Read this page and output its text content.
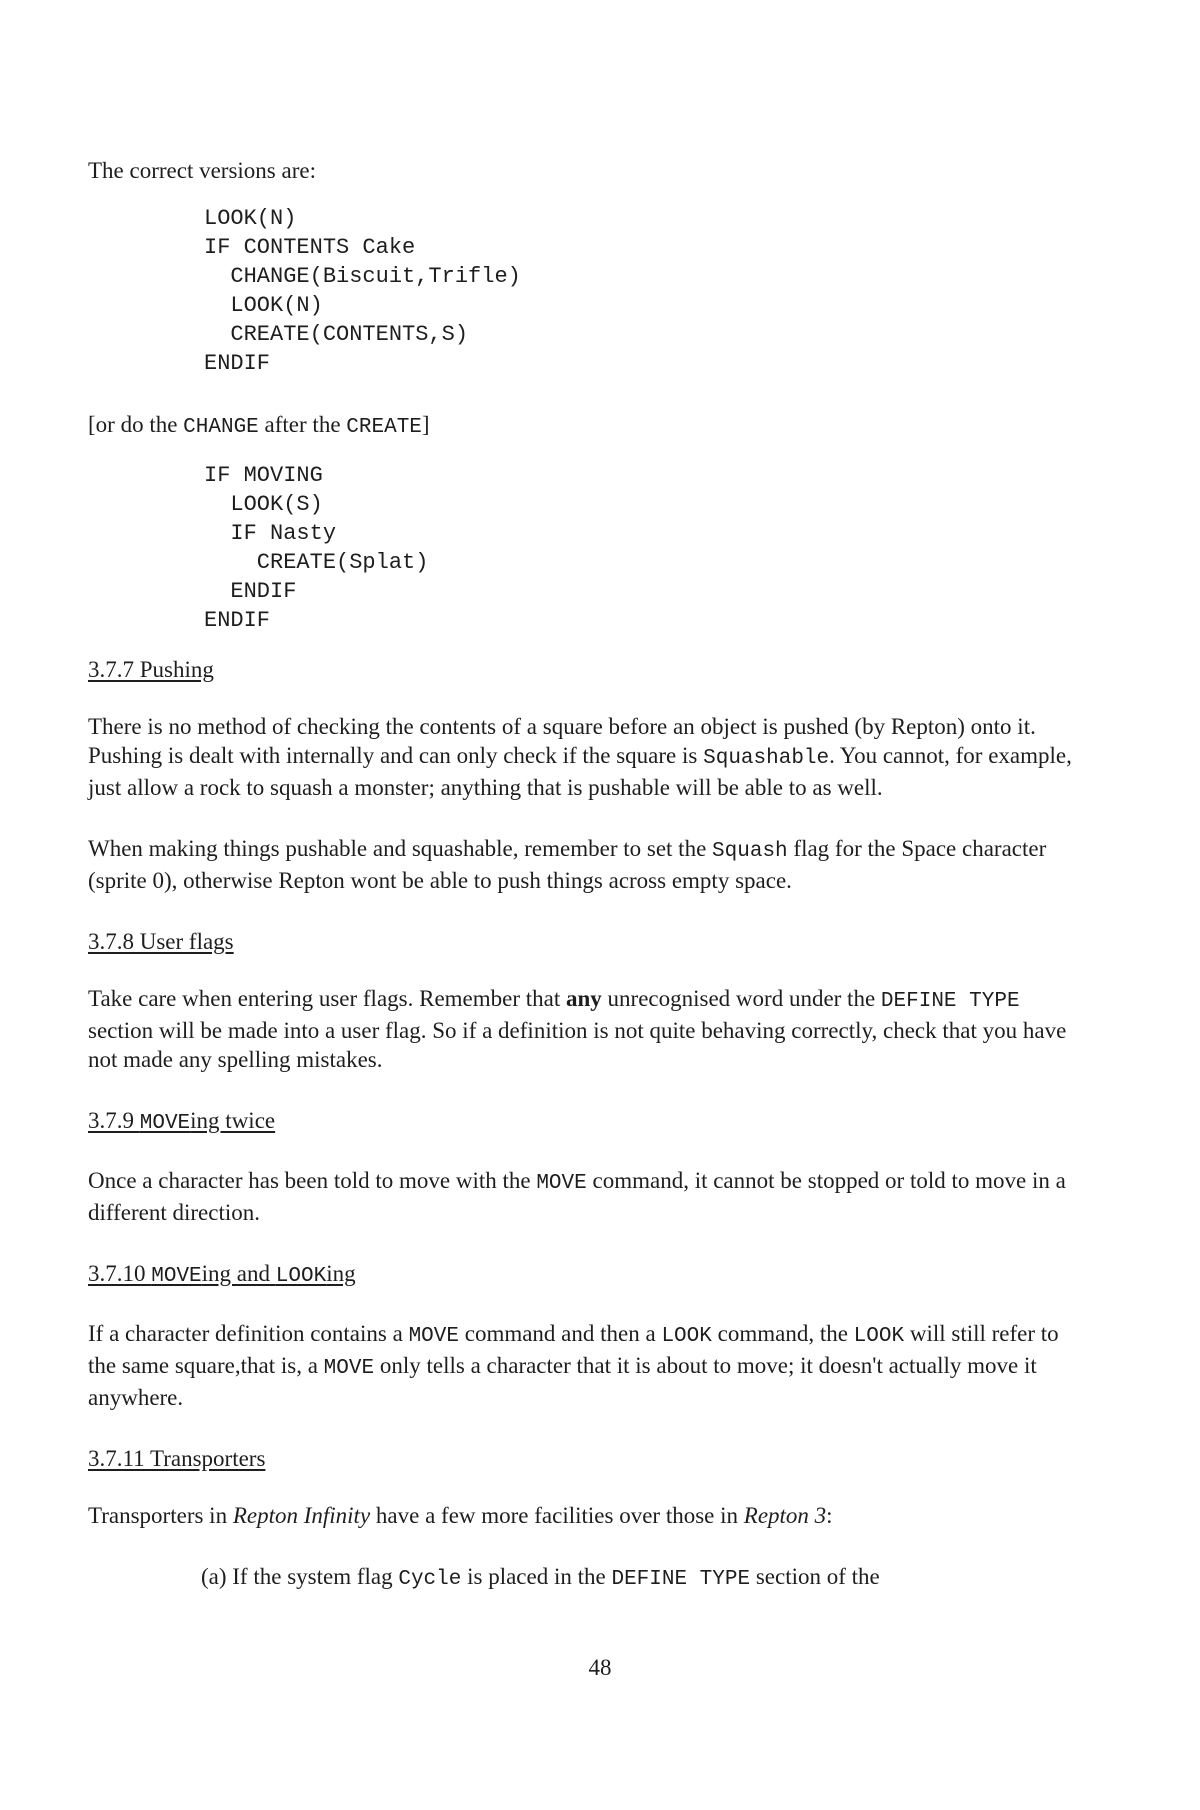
The correct versions are:

LOOK(N)
IF CONTENTS Cake
CHANGE(Biscuit,Trifle)
LOOK(N)
CREATE(CONTENTS,S)
ENDIF

[or do the CHANGE after the CREATE]

IF MOVING
LOOK(S)
IF Nasty
CREATE(Splat)
ENDIF
ENDIF

3.7.7 Pushing

There is no method of checking the contents of a square before an object is pushed (by Repton) onto it. Pushing is dealt with internally and can only check if the square is Squashable. You cannot, for example, just allow a rock to squash a monster; anything that is pushable will be able to as well.

When making things pushable and squashable, remember to set the Squash flag for the Space character (sprite 0), otherwise Repton wont be able to push things across empty space.

3.7.8 User flags

Take care when entering user flags. Remember that any unrecognised word under the DEFINE TYPE section will be made into a user flag. So if a definition is not quite behaving correctly, check that you have not made any spelling mistakes.

3.7.9 MOVEing twice

Once a character has been told to move with the MOVE command, it cannot be stopped or told to move in a different direction.

3.7.10 MOVEing and LOOKing

If a character definition contains a MOVE command and then a LOOK command, the LOOK will still refer to the same square,that is, a MOVE only tells a character that it is about to move; it doesn't actually move it anywhere.

3.7.11 Transporters

Transporters in Repton Infinity have a few more facilities over those in Repton 3:

(a) If the system flag Cycle is placed in the DEFINE TYPE section of the

48
